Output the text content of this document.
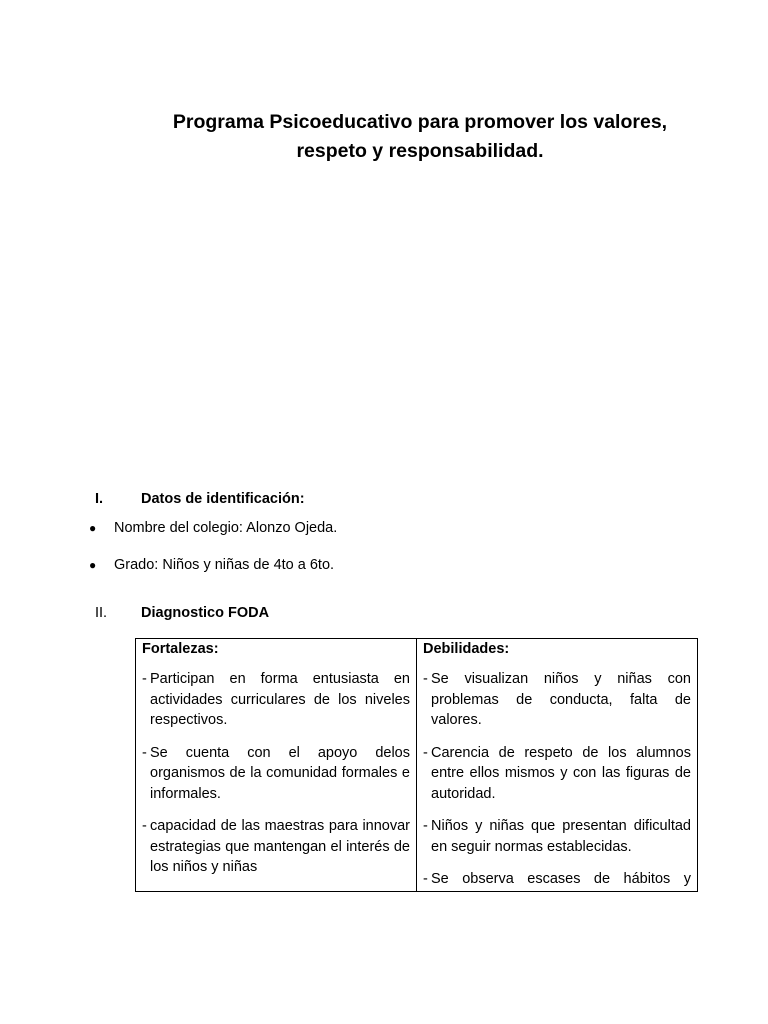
Programa Psicoeducativo para promover los valores,
respeto y responsabilidad.
I.	Datos de identificación:
● Nombre del colegio: Alonzo Ojeda.
● Grado: Niños y niñas de 4to a 6to.
II. Diagnostico FODA
Fortalezas:
- Participan en forma entusiasta en actividades curriculares de los niveles respectivos.
- Se cuenta con el apoyo delos organismos de la comunidad formales e informales.
- capacidad de las maestras para innovar estrategias que mantengan el interés de los niños y niñas
Debilidades:
- Se visualizan niños y niñas con problemas de conducta, falta de valores.
- Carencia de respeto de los alumnos entre ellos mismos y con las figuras de autoridad.
- Niños y niñas que presentan dificultad en seguir normas establecidas.
- Se observa escases de hábitos y
